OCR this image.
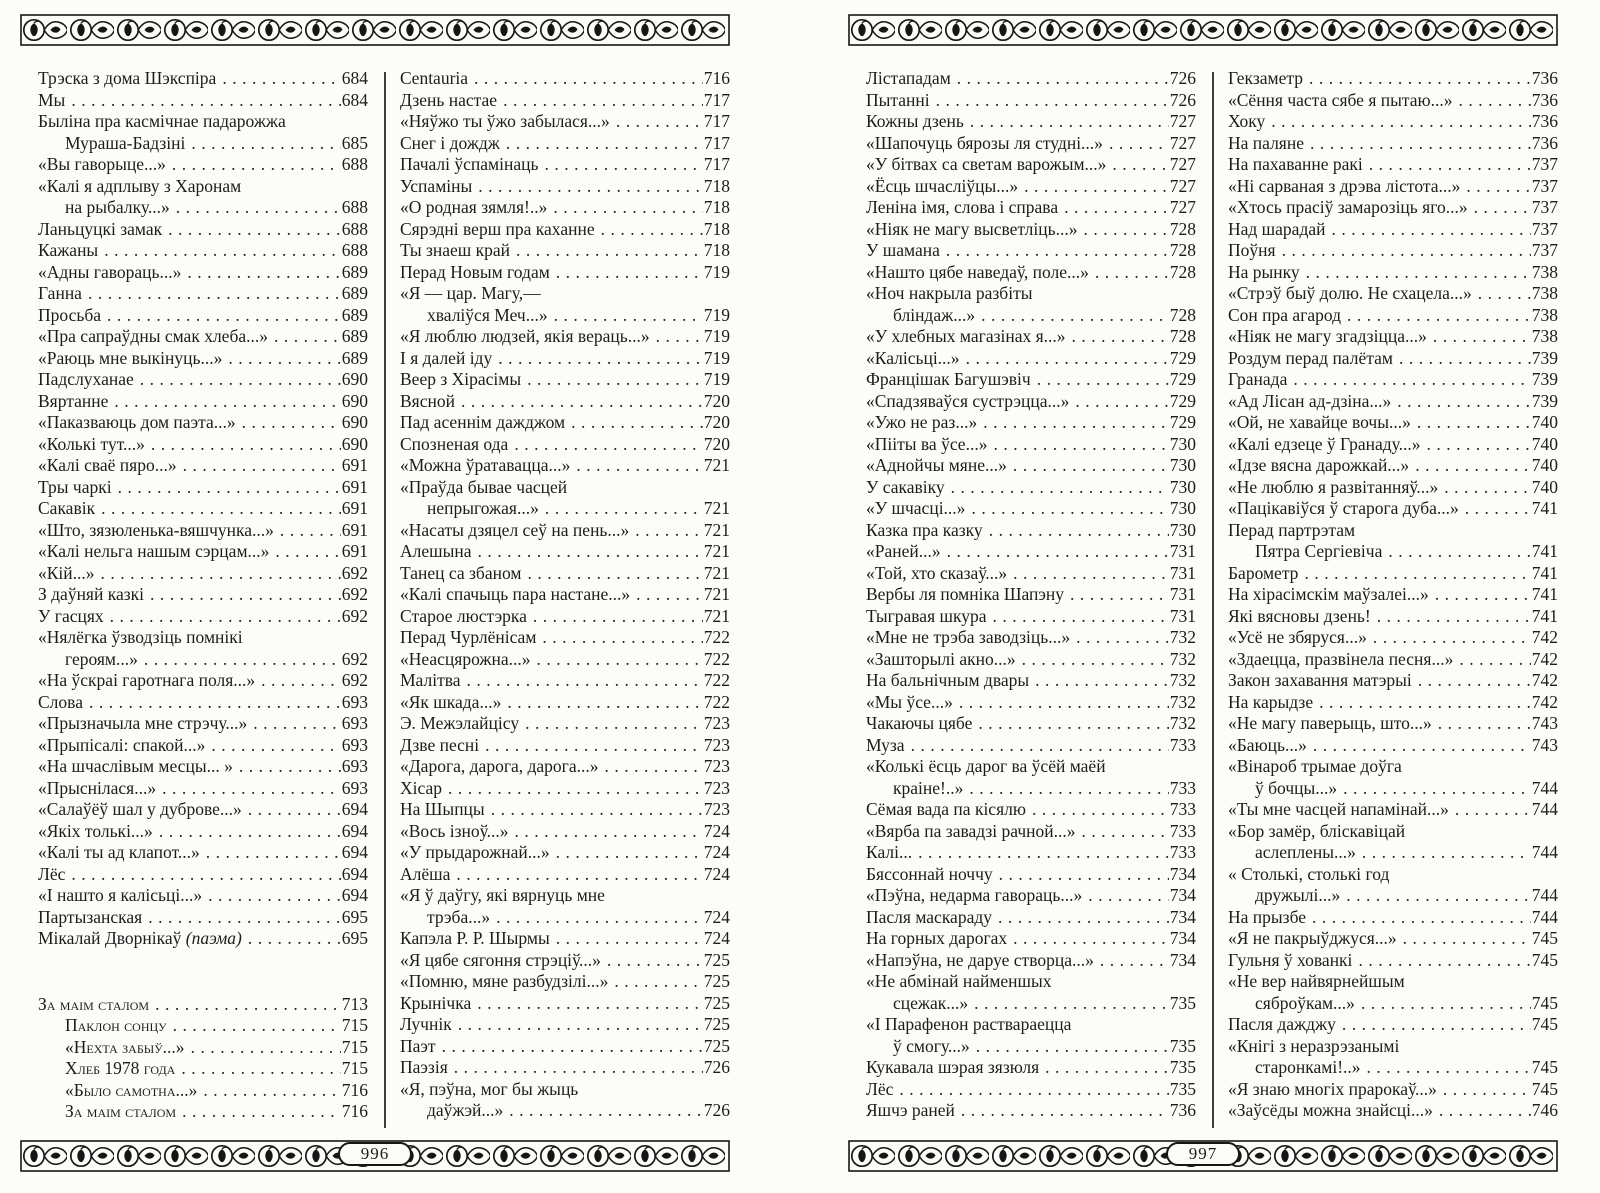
Трэска з дома Шэкспіра .....	684
Мы .....	684
Быліна пра касмічнае падарожжа
Мураша-Бадзіні .....	685
«Вы гаворыце...» .....	688
«Калі я адплыву з Харонам
на рыбалку...» .....	688
Ланьцуцкі замак .....	688
Кажаны .....	688
«Адны гавораць...» .....	689
Ганна .....	689
Просьба .....	689
«Пра сапраўдны смак хлеба...» .....	689
«Раюць мне выкінуць...» .....	689
Падслуханае .....	690
Вяртанне .....	690
«Паказваюць дом паэта...» .....	690
«Колькі тут...» .....	690
«Калі сваё пяро...» .....	691
Тры чаркі .....	691
Сакавік .....	691
«Што, зязюленька-вяшчунка...» .....	691
«Калі нельга нашым сэрцам...» .....	691
«Кій...» .....	692
З даўняй казкі .....	692
У гасцях .....	692
«Нялёгка ўзводзіць помнікі
героям...» .....	692
«На ўскраі гаротнага поля...» .....	692
Слова .....	693
«Прызначыла мне стрэчу...» .....	693
«Прыпісалі: спакой...» .....	693
«На шчаслівым месцы... » .....	693
«Прыснілася...» .....	693
«Салаўёў шал у дуброве...» .....	694
«Якіх толькі...» .....	694
«Калі ты ад клапот...» .....	694
Лёс .....	694
«І нашто я калісьці...» .....	694
Партызанская .....	695
Мікалай Дворнікаў (паэма) .....	695
За маім сталом .....	713
Паклон сонцу .....	715
«Нехта забыў...» .....	715
Хлеб 1978 года .....	715
«Было самотна...» .....	716
За маім сталом .....	716
Centauria .....	716
Дзень настае .....	717
«Няўжо ты ўжо забылася...» .....	717
Снег і дождж .....	717
Пачалі ўспамінаць .....	717
Успаміны .....	718
«О родная зямля!..» .....	718
Сярэдні верш пра каханне .....	718
Ты знаеш край .....	718
Перад Новым годам .....	719
«Я — цар. Магу,—
хваліўся Меч...» .....	719
«Я люблю людзей, якія вераць...» .....	719
І я далей іду .....	719
Веер з Хірасімы .....	719
Вясной .....	720
Пад асеннім дажджом .....	720
Спозненая ода .....	720
«Можна ўратавацца...» .....	721
«Праўда бывае часцей
непрыгожая...» .....	721
«Насаты дзяцел сеў на пень...» .....	721
Алешына .....	721
Танец са збаном .....	721
«Калі спачыць пара настане...» .....	721
Старое люстэрка .....	721
Перад Чурлёнісам .....	722
«Неасцярожна...» .....	722
Малітва .....	722
«Як шкада...» .....	722
Э. Межэлайцісу .....	723
Дзве песні .....	723
«Дарога, дарога, дарога...» .....	723
Хісар .....	723
На Шыпцы .....	723
«Вось ізноў...» .....	724
«У прыдарожнай...» .....	724
Алёша .....	724
«Я ў даўгу, які вярнуць мне
трэба...» .....	724
Капэла Р. Р. Шырмы .....	724
«Я цябе сягоння стрэціў...» .....	725
«Помню, мяне разбудзілі...» .....	725
Крынічка .....	725
Лучнік .....	725
Паэт .....	725
Паэзія .....	726
«Я, пэўна, мог бы жыць
даўжэй...» .....	726
996
Лістападам .....	726
Пытанні .....	726
Кожны дзень .....	727
«Шапочуць бярозы ля студні...» .....	727
«У бітвах са светам варожым...» .....	727
«Ёсць шчасліўцы...» .....	727
Леніна імя, слова і справа .....	727
«Ніяк не магу высветліць...» .....	728
У шамана .....	728
«Нашто цябе наведаў, поле...» .....	728
«Ноч накрыла разбіты
бліндаж...» .....	728
«У хлебных магазінах я...» .....	728
«Калісьці...» .....	729
Францішак Багушэвіч .....	729
«Спадзяваўся сустрэцца...» .....	729
«Ужо не раз...» .....	729
«Пііты ва ўсе...» .....	730
«Аднойчы мяне...» .....	730
У сакавіку .....	730
«У шчасці...» .....	730
Казка пра казку .....	730
«Раней...» .....	731
«Той, хто сказаў...» .....	731
Вербы ля помніка Шапэну .....	731
Тыгравая шкура .....	731
«Мне не трэба заводзіць...» .....	732
«Зашторылі акно...» .....	732
На бальнічным двары .....	732
«Мы ўсе...» .....	732
Чакаючы цябе .....	732
Муза .....	733
«Колькі ёсць дарог ва ўсёй маёй
краіне!..» .....	733
Сёмая вада па кісялю .....	733
«Вярба па завадзі рачной...» .....	733
Калі... .....	733
Бяссоннай ноччу .....	734
«Пэўна, недарма гавораць...» .....	734
Пасля маскараду .....	734
На горных дарогах .....	734
«Напэўна, не даруе створца...» .....	734
«Не абмінай найменшых
сцежак...» .....	735
«І Парафенон раствараецца
ў смогу...» .....	735
Кукавала шэрая зязюля .....	735
Лёс .....	735
Яшчэ раней .....	736
Гекзаметр .....	736
«Сёння часта сябе я пытаю...» .....	736
Хоку .....	736
На паляне .....	736
На пахаванне ракі .....	737
«Ні сарваная з дрэва лістота...» .....	737
«Хтось прасіў замарозіць яго...» .....	737
Над шарадай .....	737
Поўня .....	737
На рынку .....	738
«Стрэў быў долю. Не схацела...» .....	738
Сон пра агарод .....	738
«Ніяк не магу згадзіцца...» .....	738
Роздум перад палётам .....	739
Гранада .....	739
«Ад Лісан ад-дзіна...» .....	739
«Ой, не хавайце вочы...» .....	740
«Калі едзеце ў Гранаду...» .....	740
«Ідзе вясна дарожкай...» .....	740
«Не люблю я развітанняў...» .....	740
«Пацікавіўся ў старога дуба...» .....	741
Перад партрэтам
Пятра Сергіевіча .....	741
Барометр .....	741
На хірасімскім маўзалеі...» .....	741
Які вясновы дзень! .....	741
«Усё не збяруся...» .....	742
«Здаецца, празвінела песня...» .....	742
Закон захавання матэрыі .....	742
На карыдзе .....	742
«Не магу паверыць, што...» .....	743
«Баюць...» .....	743
«Вінароб трымае доўга
ў бочцы...» .....	744
«Ты мне часцей напамінай...» .....	744
«Бор замёр, бліскавіцай
аслеплены...» .....	744
« Столькі, столькі год
дружылі...» .....	744
На прызбе .....	744
«Я не пакрыўджуся...» .....	745
Гульня ў хованкі .....	745
«Не вер найвярнейшым
сяброўкам...» .....	745
Пасля дажджу .....	745
«Кнігі з неразрэзанымі
старонкамі!..» .....	745
«Я знаю многіх прарокаў...» .....	745
«Заўсёды можна знайсці...» .....	746
997
